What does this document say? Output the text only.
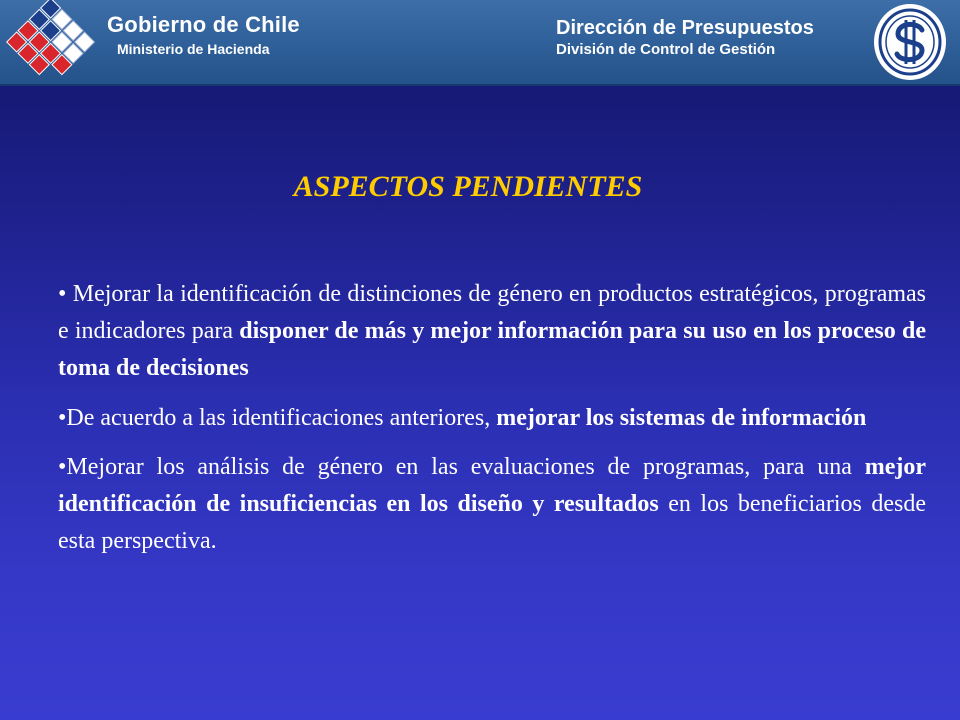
Gobierno de Chile
Ministerio de Hacienda
Dirección de Presupuestos
División de Control de Gestión
ASPECTOS PENDIENTES

• Mejorar la identificación de distinciones de género en productos estratégicos, programas e indicadores para disponer de más y mejor información para su uso en los proceso de toma de decisiones

•De acuerdo a las identificaciones anteriores, mejorar los sistemas de información

•Mejorar los análisis de género en las evaluaciones de programas, para una mejor identificación de insuficiencias en los diseño y resultados en los beneficiarios desde esta perspectiva.
